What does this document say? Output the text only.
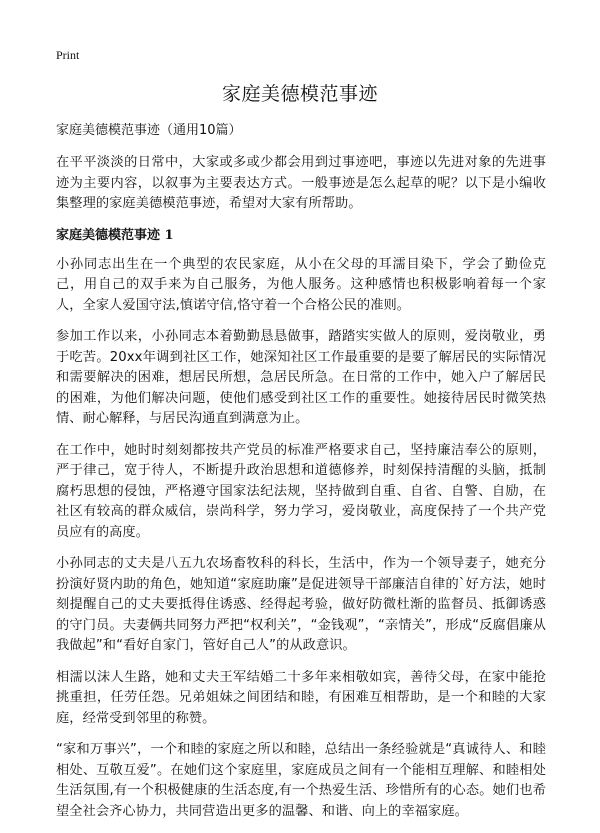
Print
家庭美德模范事迹
家庭美德模范事迹（通用10篇）

在平平淡淡的日常中，大家或多或少都会用到过事迹吧，事迹以先进对象的先进事迹为主要内容，以叙事为主要表达方式。一般事迹是怎么起草的呢？以下是小编收集整理的家庭美德模范事迹，希望对大家有所帮助。

家庭美德模范事迹 1

小孙同志出生在一个典型的农民家庭，从小在父母的耳濡目染下，学会了勤俭克己，用自己的双手来为自己服务，为他人服务。这种感情也积极影响着每一个家人，全家人爱国守法,慎诺守信,恪守着一个合格公民的准则。

参加工作以来，小孙同志本着勤勤恳恳做事，踏踏实实做人的原则，爱岗敬业，勇于吃苦。20xx年调到社区工作，她深知社区工作最重要的是要了解居民的实际情况和需要解决的困难，想居民所想，急居民所急。在日常的工作中，她入户了解居民的困难，为他们解决问题，使他们感受到社区工作的重要性。她接待居民时微笑热情、耐心解释，与居民沟通直到满意为止。

在工作中，她时时刻刻都按共产党员的标准严格要求自己，坚持廉洁奉公的原则，严于律己，宽于待人，不断提升政治思想和道德修养，时刻保持清醒的头脑，抵制腐朽思想的侵蚀，严格遵守国家法纪法规，坚持做到自重、自省、自警、自励，在社区有较高的群众威信，崇尚科学，努力学习，爱岗敬业，高度保持了一个共产党员应有的高度。

小孙同志的丈夫是八五九农场畜牧科的科长，生活中，作为一个领导妻子，她充分扮演好贤内助的角色，她知道“家庭助廉”是促进领导干部廉洁自律的`好方法，她时刻提醒自己的丈夫要抵得住诱惑、经得起考验，做好防微杜渐的监督员、抵御诱惑的守门员。夫妻俩共同努力严把“权利关”，“金钱观”，“亲情关”，形成“反腐倡廉从我做起”和“看好自家门，管好自己人”的从政意识。

相濡以沫人生路，她和丈夫王军结婚二十多年来相敬如宾，善待父母，在家中能抢挑重担，任劳任怨。兄弟姐妹之间团结和睦，有困难互相帮助，是一个和睦的大家庭，经常受到邻里的称赞。

“家和万事兴”，一个和睦的家庭之所以和睦，总结出一条经验就是“真诚待人、和睦相处、互敬互爱”。在她们这个家庭里，家庭成员之间有一个能相互理解、和睦相处生活氛围,有一个积极健康的生活态度,有一个热爱生活、珍惜所有的心态。她们也希望全社会齐心协力，共同营造出更多的温馨、和谐、向上的幸福家庭。
